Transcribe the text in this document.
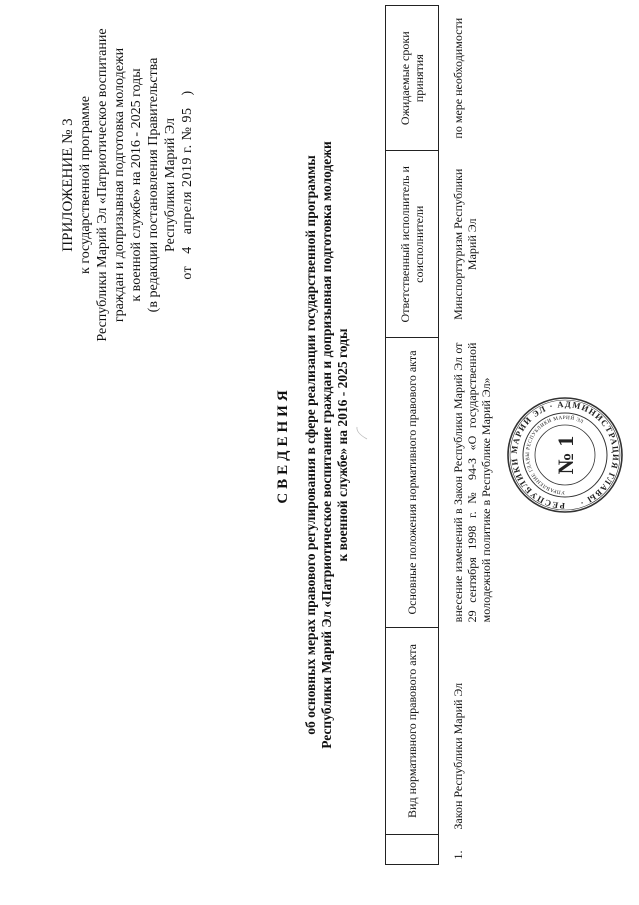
ПРИЛОЖЕНИЕ № 3 к государственной программе Республики Марий Эл «Патриотическое воспитание граждан и допризывная подготовка молодежи к военной службе» на 2016 - 2025 годы (в редакции постановления Правительства Республики Марий Эл
от   4   апреля 2019 г. № 95   )
СВЕДЕНИЯ об основных мерах правового регулирования в сфере реализации государственной программы Республики Марий Эл «Патриотическое воспитание граждан и допризывная подготовка молодежи к военной службе» на 2016 - 2025 годы
	Вид нормативного правового акта	Основные положения нормативного правового акта	Ответственный исполнитель и соисполнители	Ожидаемые сроки принятия
1.	Закон Республики Марий Эл	внесение изменений в Закон Республики Марий Эл от 29 сентября 1998 г. № 94-З «О государственной молодежной политике в Республике Марий Эл»	Минспорттуризм Республики Марий Эл	по мере необходимости
РЕСПУБЛИКИ МАРИЙ ЭЛ · АДМИНИСТРАЦИЯ ГЛАВЫ ·
УПРАВЛЕНИЕ ГЛАВЫ РЕСПУБЛИКИ МАРИЙ ЭЛ
№ 1
